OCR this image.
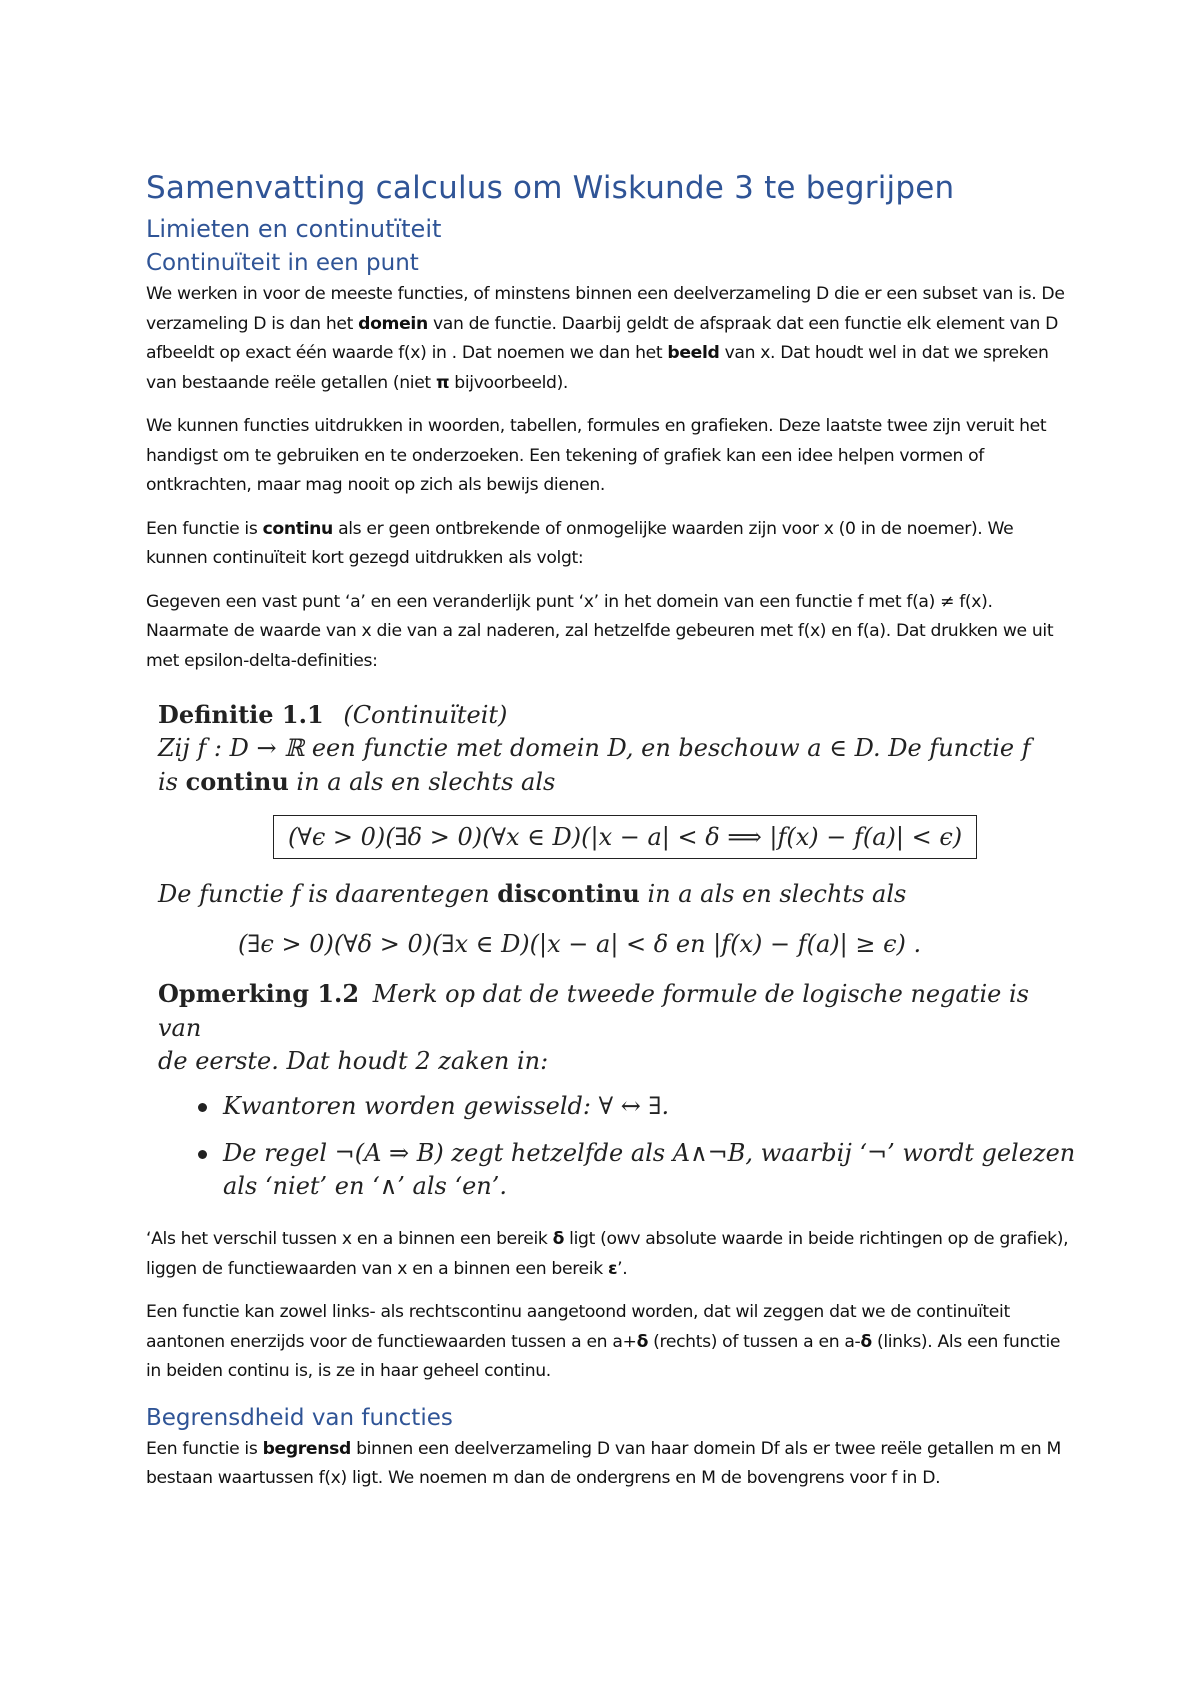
Samenvatting calculus om Wiskunde 3 te begrijpen
Limieten en continutïteit
Continuïteit in een punt

We werken in voor de meeste functies, of minstens binnen een deelverzameling D die er een subset van is. De verzameling D is dan het domein van de functie. Daarbij geldt de afspraak dat een functie elk element van D afbeeldt op exact één waarde f(x) in . Dat noemen we dan het beeld van x. Dat houdt wel in dat we spreken van bestaande reële getallen (niet π bijvoorbeeld).

We kunnen functies uitdrukken in woorden, tabellen, formules en grafieken. Deze laatste twee zijn veruit het handigst om te gebruiken en te onderzoeken. Een tekening of grafiek kan een idee helpen vormen of ontkrachten, maar mag nooit op zich als bewijs dienen.

Een functie is continu als er geen ontbrekende of onmogelijke waarden zijn voor x (0 in de noemer). We kunnen continuïteit kort gezegd uitdrukken als volgt:

Gegeven een vast punt ‘a’ en een veranderlijk punt ‘x’ in het domein van een functie f met f(a) ≠ f(x). Naarmate de waarde van x die van a zal naderen, zal hetzelfde gebeuren met f(x) en f(a). Dat drukken we uit met epsilon-delta-definities:

Definitie 1.1 (Continuïteit)
Zij f : D → ℝ een functie met domein D, en beschouw a ∈ D. De functie f
is continu in a als en slechts als
(∀ϵ > 0)(∃δ > 0)(∀x ∈ D)(|x − a| < δ ⟹ |f(x) − f(a)| < ϵ)
De functie f is daarentegen discontinu in a als en slechts als
(∃ϵ > 0)(∀δ > 0)(∃x ∈ D)(|x − a| < δ en |f(x) − f(a)| ≥ ϵ) .
Opmerking 1.2 Merk op dat de tweede formule de logische negatie is van
de eerste. Dat houdt 2 zaken in:
Kwantoren worden gewisseld: ∀ ↔ ∃.
De regel ¬(A ⇒ B) zegt hetzelfde als A∧¬B, waarbij ‘¬’ wordt gelezen als ‘niet’ en ‘∧’ als ‘en’.

‘Als het verschil tussen x en a binnen een bereik δ ligt (owv absolute waarde in beide richtingen op de grafiek), liggen de functiewaarden van x en a binnen een bereik ε’.

Een functie kan zowel links- als rechtscontinu aangetoond worden, dat wil zeggen dat we de continuïteit aantonen enerzijds voor de functiewaarden tussen a en a+δ (rechts) of tussen a en a-δ (links). Als een functie in beiden continu is, is ze in haar geheel continu.

Begrensdheid van functies

Een functie is begrensd binnen een deelverzameling D van haar domein Df als er twee reële getallen m en M bestaan waartussen f(x) ligt. We noemen m dan de ondergrens en M de bovengrens voor f in D.
